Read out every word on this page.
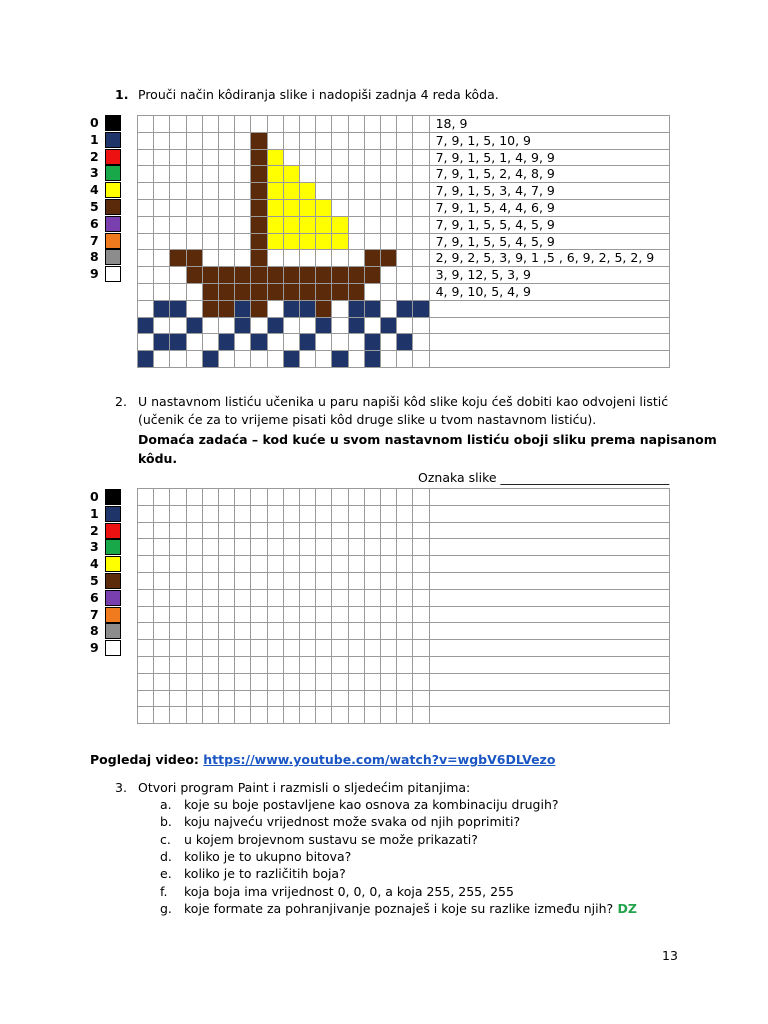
1. Prouči način kôdiranja slike i nadopiši zadnja 4 reda kôda.
0
1
2
3
4
5
6
7
8
9
18, 9
7, 9, 1, 5, 10, 9
7, 9, 1, 5, 1, 4, 9, 9
7, 9, 1, 5, 2, 4, 8, 9
7, 9, 1, 5, 3, 4, 7, 9
7, 9, 1, 5, 4, 4, 6, 9
7, 9, 1, 5, 5, 4, 5, 9
7, 9, 1, 5, 5, 4, 5, 9
2, 9, 2, 5, 3, 9, 1 ,5 , 6, 9, 2, 5, 2, 9
3, 9, 12, 5, 3, 9
4, 9, 10, 5, 4, 9
2. U nastavnom listiću učenika u paru napiši kôd slike koju ćeš dobiti kao odvojeni listić
(učenik će za to vrijeme pisati kôd druge slike u tvom nastavnom listiću).
Domaća zadaća – kod kuće u svom nastavnom listiću oboji sliku prema napisanom
kôdu.
Oznaka slike ___________________________
0
1
2
3
4
5
6
7
8
9
Pogledaj video: https://www.youtube.com/watch?v=wgbV6DLVezo
3. Otvori program Paint i razmisli o sljedećim pitanjima:
a. koje su boje postavljene kao osnova za kombinaciju drugih?
b. koju najveću vrijednost može svaka od njih poprimiti?
c. u kojem brojevnom sustavu se može prikazati?
d. koliko je to ukupno bitova?
e. koliko je to različitih boja?
f. koja boja ima vrijednost 0, 0, 0, a koja 255, 255, 255
g. koje formate za pohranjivanje poznaješ i koje su razlike između njih? DZ
13
